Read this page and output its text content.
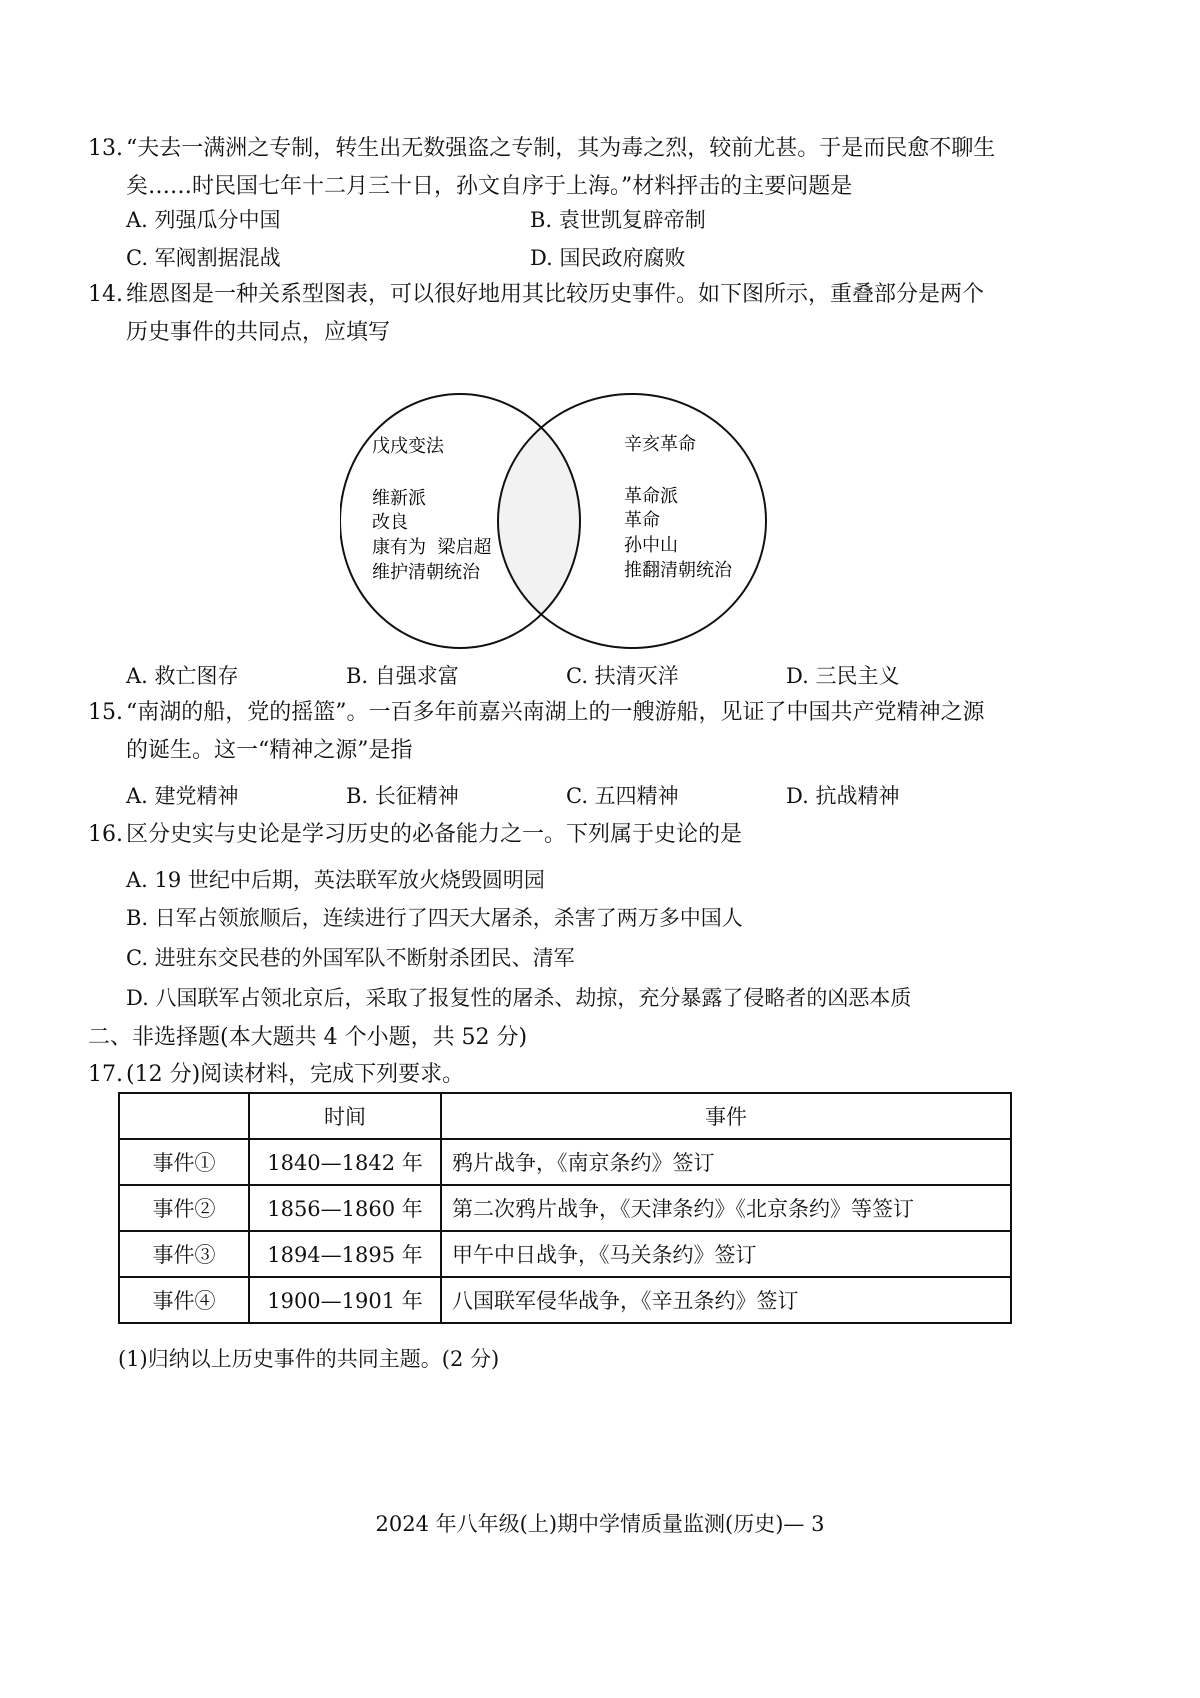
13. “夫去一满洲之专制，转生出无数强盗之专制，其为毒之烈，较前尤甚。于是而民愈不聊生
矣……时民国七年十二月三十日，孙文自序于上海。”材料抨击的主要问题是
A. 列强瓜分中国	B. 袁世凯复辟帝制
C. 军阀割据混战	D. 国民政府腐败
14. 维恩图是一种关系型图表，可以很好地用其比较历史事件。如下图所示，重叠部分是两个
历史事件的共同点，应填写
戊戌变法
维新派
改良
康有为  梁启超
维护清朝统治
辛亥革命
革命派
革命
孙中山
推翻清朝统治
A. 救亡图存	B. 自强求富	C. 扶清灭洋	D. 三民主义
15. “南湖的船，党的摇篮”。一百多年前嘉兴南湖上的一艘游船，见证了中国共产党精神之源
的诞生。这一“精神之源”是指
A. 建党精神	B. 长征精神	C. 五四精神	D. 抗战精神
16. 区分史实与史论是学习历史的必备能力之一。下列属于史论的是
A. 19 世纪中后期，英法联军放火烧毁圆明园
B. 日军占领旅顺后，连续进行了四天大屠杀，杀害了两万多中国人
C. 进驻东交民巷的外国军队不断射杀团民、清军
D. 八国联军占领北京后，采取了报复性的屠杀、劫掠，充分暴露了侵略者的凶恶本质
二、非选择题(本大题共 4 个小题，共 52 分)
17. (12 分)阅读材料，完成下列要求。
	时间	事件
事件①	1840—1842 年	鸦片战争，《南京条约》签订
事件②	1856—1860 年	第二次鸦片战争，《天津条约》《北京条约》等签订
事件③	1894—1895 年	甲午中日战争，《马关条约》签订
事件④	1900—1901 年	八国联军侵华战争，《辛丑条约》签订
(1)归纳以上历史事件的共同主题。(2 分)
2024 年八年级(上)期中学情质量监测(历史)— 3
